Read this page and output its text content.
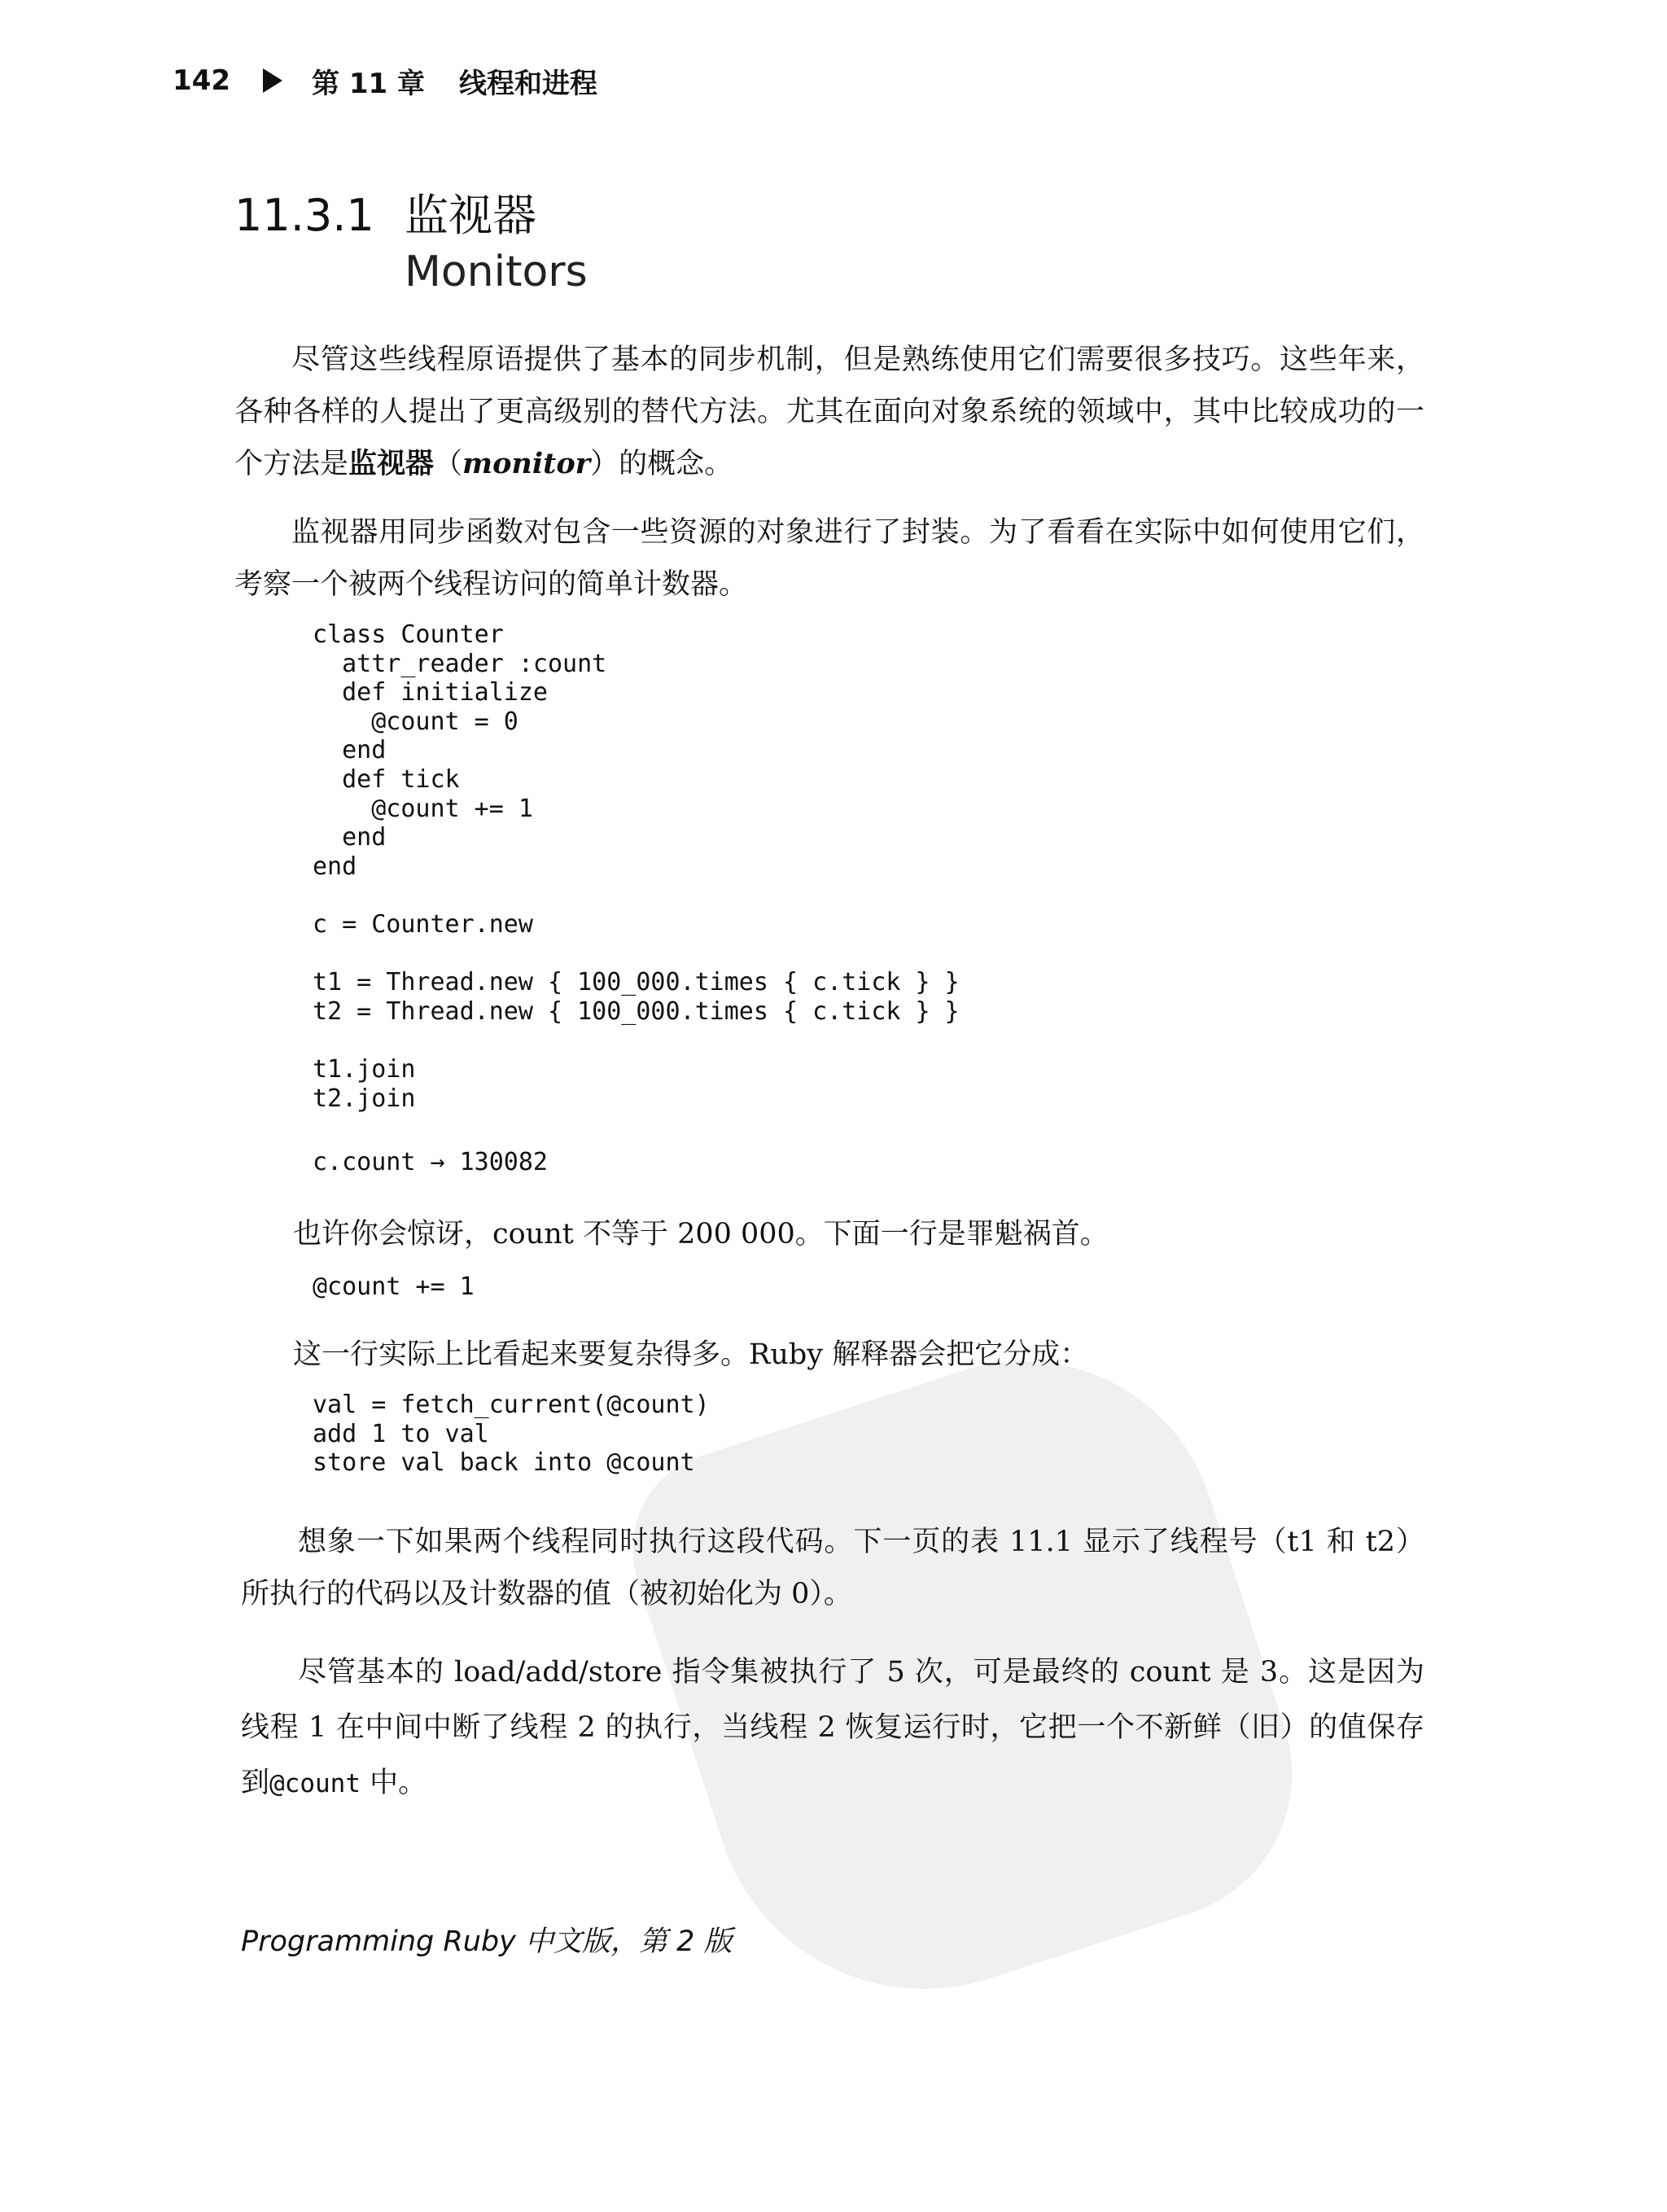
142	第 11 章 线程和进程
11.3.1 监视器
Monitors

尽管这些线程原语提供了基本的同步机制，但是熟练使用它们需要很多技巧。这些年来，各种各样的人提出了更高级别的替代方法。尤其在面向对象系统的领域中，其中比较成功的一个方法是监视器（monitor）的概念。

监视器用同步函数对包含一些资源的对象进行了封装。为了看看在实际中如何使用它们，考察一个被两个线程访问的简单计数器。

class Counter
attr_reader :count
def initialize
@count = 0
end
def tick
@count += 1
end
end

c = Counter.new

t1 = Thread.new { 100_000.times { c.tick } }
t2 = Thread.new { 100_000.times { c.tick } }

t1.join
t2.join
c.count → 130082

也许你会惊讶，count 不等于 200 000。下面一行是罪魁祸首。

@count += 1

这一行实际上比看起来要复杂得多。Ruby 解释器会把它分成：

val = fetch_current(@count)
add 1 to val
store val back into @count

想象一下如果两个线程同时执行这段代码。下一页的表 11.1 显示了线程号（t1 和 t2）所执行的代码以及计数器的值（被初始化为 0）。

尽管基本的 load/add/store 指令集被执行了 5 次，可是最终的 count 是 3。这是因为线程 1 在中间中断了线程 2 的执行，当线程 2 恢复运行时，它把一个不新鲜（旧）的值保存到@count 中。

Programming Ruby 中文版，第 2 版
